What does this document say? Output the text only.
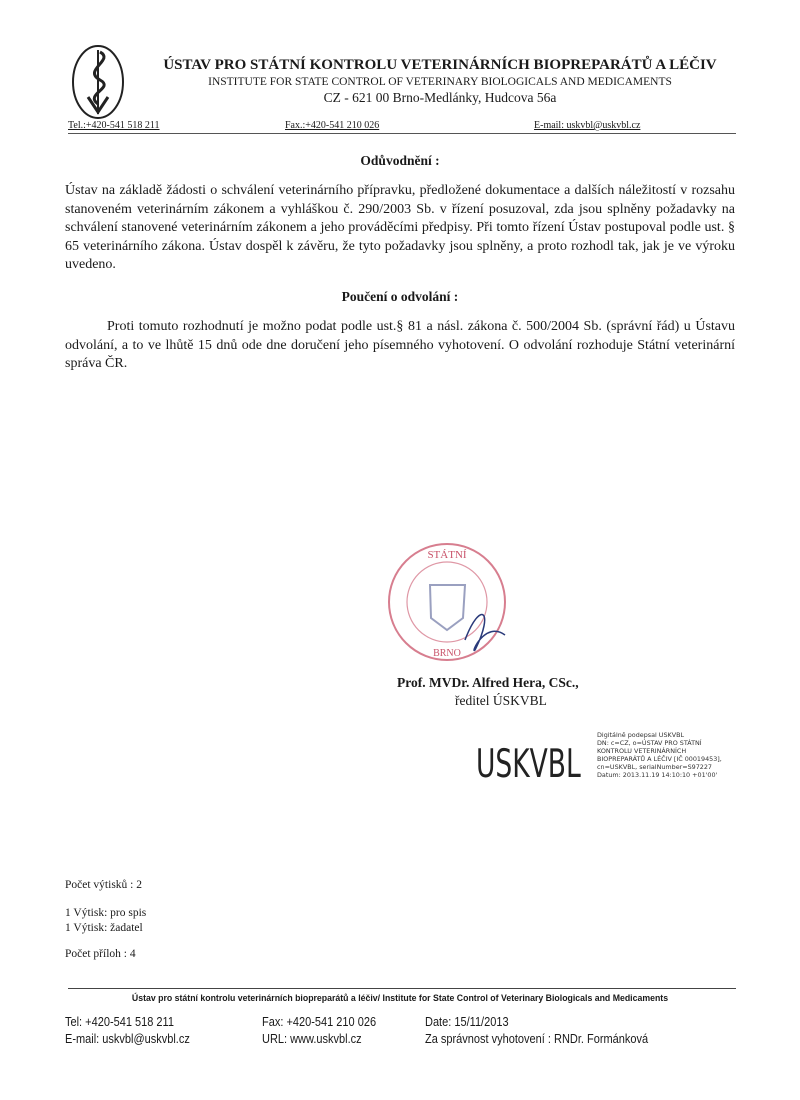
ÚSTAV PRO STÁTNÍ KONTROLU VETERINÁRNÍCH BIOPREPARÁTŮ A LÉČIV
INSTITUTE FOR STATE CONTROL OF VETERINARY BIOLOGICALS AND MEDICAMENTS
CZ - 621 00 Brno-Medlánky, Hudcova 56a
Tel.:+420-541 518 211	Fax.:+420-541 210 026	E-mail: uskvbl@uskvbl.cz
Odůvodnění :
Ústav na základě žádosti o schválení veterinárního přípravku, předložené dokumentace a dalších náležitostí v rozsahu stanoveném veterinárním zákonem a vyhláškou č. 290/2003 Sb. v řízení posuzoval, zda jsou splněny požadavky na schválení stanovené veterinárním zákonem a jeho prováděcími předpisy. Při tomto řízení Ústav postupoval podle ust. § 65 veterinárního zákona. Ústav dospěl k závěru, že tyto požadavky jsou splněny, a proto rozhodl tak, jak je ve výroku uvedeno.
Poučení o odvolání :
Proti tomuto rozhodnutí je možno podat podle ust.§ 81 a násl. zákona č. 500/2004 Sb. (správní řád) u Ústavu odvolání, a to ve lhůtě 15 dnů ode dne doručení jeho písemného vyhotovení. O odvolání rozhoduje Státní veterinární správa ČR.
STÁTNÍ
BRNO
Prof. MVDr. Alfred Hera, CSc.,
ředitel ÚSKVBL
USKVBL
Digitálně podepsal USKVBL
DN: c=CZ, o=ÚSTAV PRO STÁTNÍ
KONTROLU VETERINÁRNÍCH
BIOPREPARÁTŮ A LÉČIV [IČ 00019453],
cn=USKVBL, serialNumber=S97227
Datum: 2013.11.19 14:10:10 +01'00'
Počet výtisků : 2
1 Výtisk: pro spis
1 Výtisk: žadatel
Počet příloh : 4
Ústav pro státní kontrolu veterinárních biopreparátů a léčiv/ Institute for State Control of Veterinary Biologicals and Medicaments
Tel: +420-541 518 211
E-mail: uskvbl@uskvbl.cz
Fax: +420-541 210 026
URL: www.uskvbl.cz
Date: 15/11/2013
Za správnost vyhotovení : RNDr. Formánková
